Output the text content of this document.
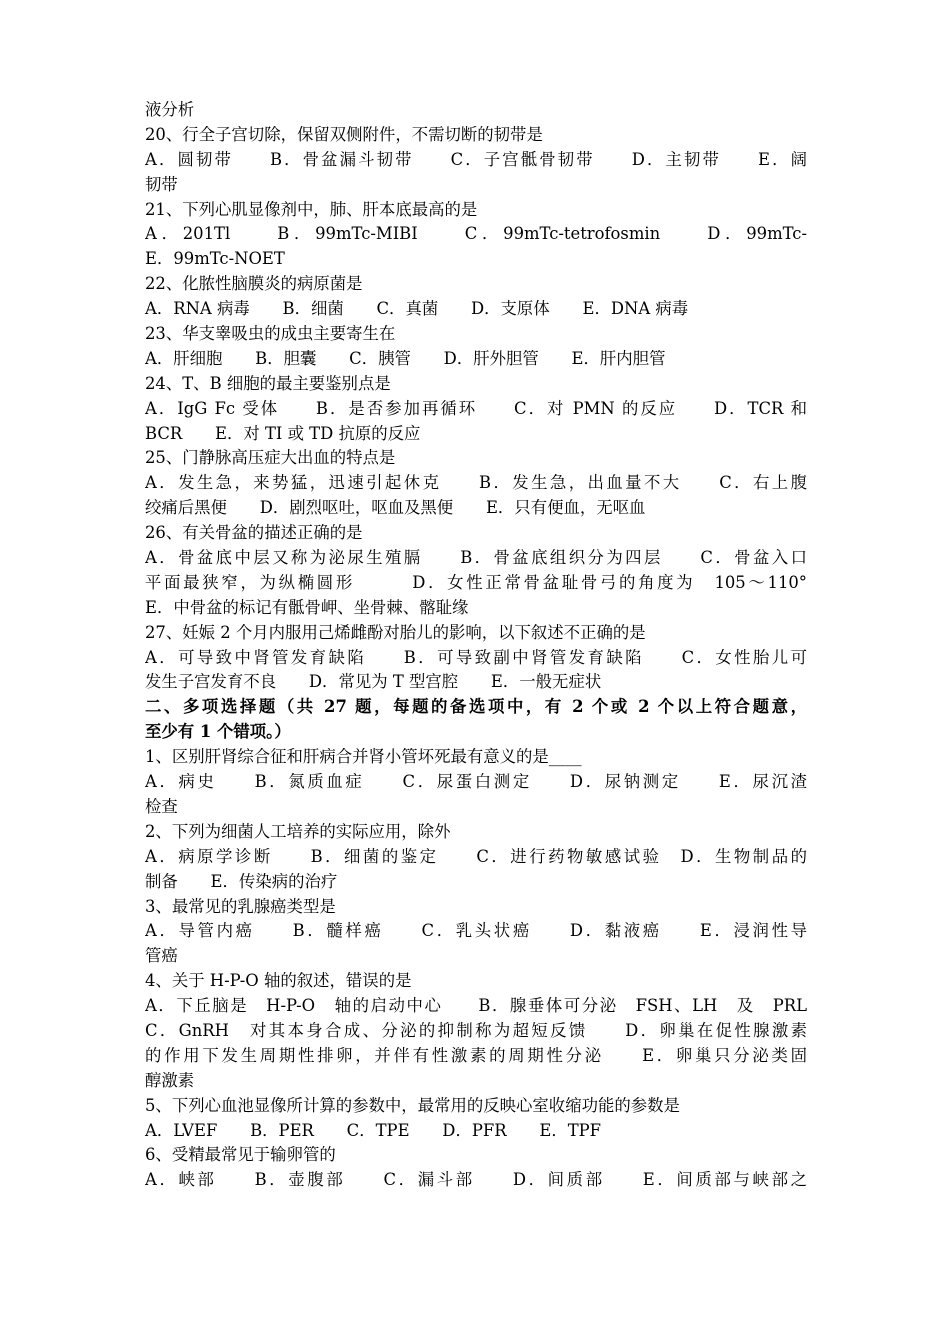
液分析
20、行全子宫切除，保留双侧附件，不需切断的韧带是
A．圆韧带　　B．骨盆漏斗韧带　　C．子宫骶骨韧带　　D．主韧带　　E．阔
韧带
21、下列心肌显像剂中，肺、肝本底最高的是
A．201Tl　　B．99mTc-MIBI　　C．99mTc-tetrofosmin　　D．99mTc-
E．99mTc-NOET
22、化脓性脑膜炎的病原菌是
A．RNA 病毒　　B．细菌　　C．真菌　　D．支原体　　E．DNA 病毒
23、华支睾吸虫的成虫主要寄生在
A．肝细胞　　B．胆囊　　C．胰管　　D．肝外胆管　　E．肝内胆管
24、T、B 细胞的最主要鉴别点是
A．IgG Fc 受体　　B．是否参加再循环　　C．对 PMN 的反应　　D．TCR 和
BCR　　E．对 TI 或 TD 抗原的反应
25、门静脉高压症大出血的特点是
A．发生急，来势猛，迅速引起休克　　B．发生急，出血量不大　　C．右上腹
绞痛后黑便　　D．剧烈呕吐，呕血及黑便　　E．只有便血，无呕血
26、有关骨盆的描述正确的是
A．骨盆底中层又称为泌尿生殖膈　　B．骨盆底组织分为四层　　C．骨盆入口
平面最狭窄，为纵椭圆形　　　D．女性正常骨盆耻骨弓的角度为　105～110°
E．中骨盆的标记有骶骨岬、坐骨棘、髂耻缘
27、妊娠 2 个月内服用己烯雌酚对胎儿的影响，以下叙述不正确的是
A．可导致中肾管发育缺陷　　B．可导致副中肾管发育缺陷　　C．女性胎儿可
发生子宫发育不良　　D．常见为 T 型宫腔　　E．一般无症状
二、多项选择题（共 27 题，每题的备选项中，有 2 个或 2 个以上符合题意，
至少有 1 个错项。）
1、区别肝肾综合征和肝病合并肾小管坏死最有意义的是____
A．病史　　B．氮质血症　　C．尿蛋白测定　　D．尿钠测定　　E．尿沉渣
检查
2、下列为细菌人工培养的实际应用，除外
A．病原学诊断　　B．细菌的鉴定　　C．进行药物敏感试验　D．生物制品的
制备　　E．传染病的治疗
3、最常见的乳腺癌类型是
A．导管内癌　　B．髓样癌　　C．乳头状癌　　D．黏液癌　　E．浸润性导
管癌
4、关于 H-P-O 轴的叙述，错误的是
A．下丘脑是　H-P-O　轴的启动中心　　B．腺垂体可分泌　FSH、LH　及　PRL
C．GnRH　对其本身合成、分泌的抑制称为超短反馈　　D．卵巢在促性腺激素
的作用下发生周期性排卵，并伴有性激素的周期性分泌　　E．卵巢只分泌类固
醇激素
5、下列心血池显像所计算的参数中，最常用的反映心室收缩功能的参数是
A．LVEF　　B．PER　　C．TPE　　D．PFR　　E．TPF
6、受精最常见于输卵管的
A．峡部　　B．壶腹部　　C．漏斗部　　D．间质部　　E．间质部与峡部之
